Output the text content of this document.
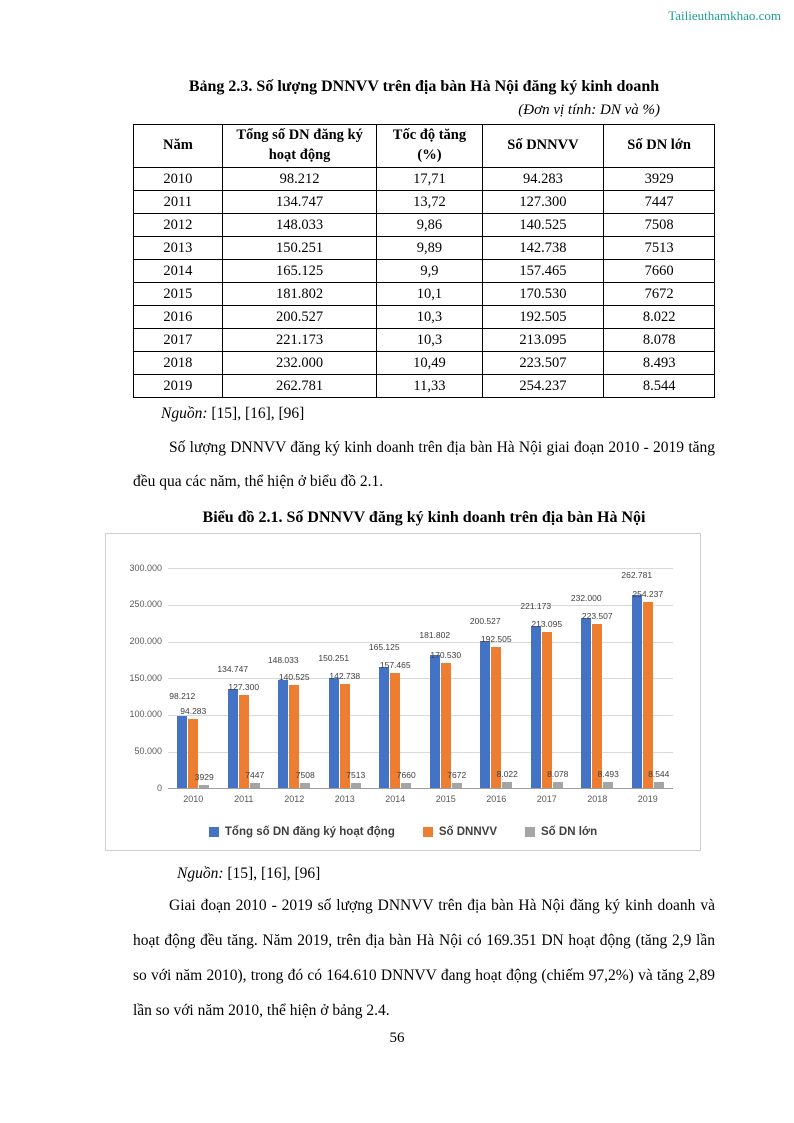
Tailieuthamkhao.com
Bảng 2.3. Số lượng DNNVV trên địa bàn Hà Nội đăng ký kinh doanh
(Đơn vị tính: DN và %)
Năm	Tổng số DN đăng ký hoạt động	Tốc độ tăng (%)	Số DNNVV	Số DN lớn
2010	98.212	17,71	94.283	3929
2011	134.747	13,72	127.300	7447
2012	148.033	9,86	140.525	7508
2013	150.251	9,89	142.738	7513
2014	165.125	9,9	157.465	7660
2015	181.802	10,1	170.530	7672
2016	200.527	10,3	192.505	8.022
2017	221.173	10,3	213.095	8.078
2018	232.000	10,49	223.507	8.493
2019	262.781	11,33	254.237	8.544
Nguồn: [15], [16], [96]

Số lượng DNNVV đăng ký kinh doanh trên địa bàn Hà Nội giai đoạn 2010 - 2019 tăng đều qua các năm, thể hiện ở biểu đồ 2.1.

Biểu đồ 2.1. Số DNNVV đăng ký kinh doanh trên địa bàn Hà Nội
98.212
94.283
3929
134.747
127.300
7447
148.033
140.525
7508
150.251
142.738
7513
165.125
157.465
7660
181.802
170.530
7672
200.527
192.505
8.022
221.173
213.095
8.078
232.000
223.507
8.493
262.781
254.237
8.544
Tổng số DN đăng ký hoạt động	Số DNNVV	Số DN lớn
0
50.000
100.000
150.000
200.000
250.000
300.000
2010	2011	2012	2013	2014	2015	2016	2017	2018	2019
Nguồn: [15], [16], [96]

Giai đoạn 2010 - 2019 số lượng DNNVV trên địa bàn Hà Nội đăng ký kinh doanh và hoạt động đều tăng. Năm 2019, trên địa bàn Hà Nội có 169.351 DN hoạt động (tăng 2,9 lần so với năm 2010), trong đó có 164.610 DNNVV đang hoạt động (chiếm 97,2%) và tăng 2,89 lần so với năm 2010, thể hiện ở bảng 2.4.

56
